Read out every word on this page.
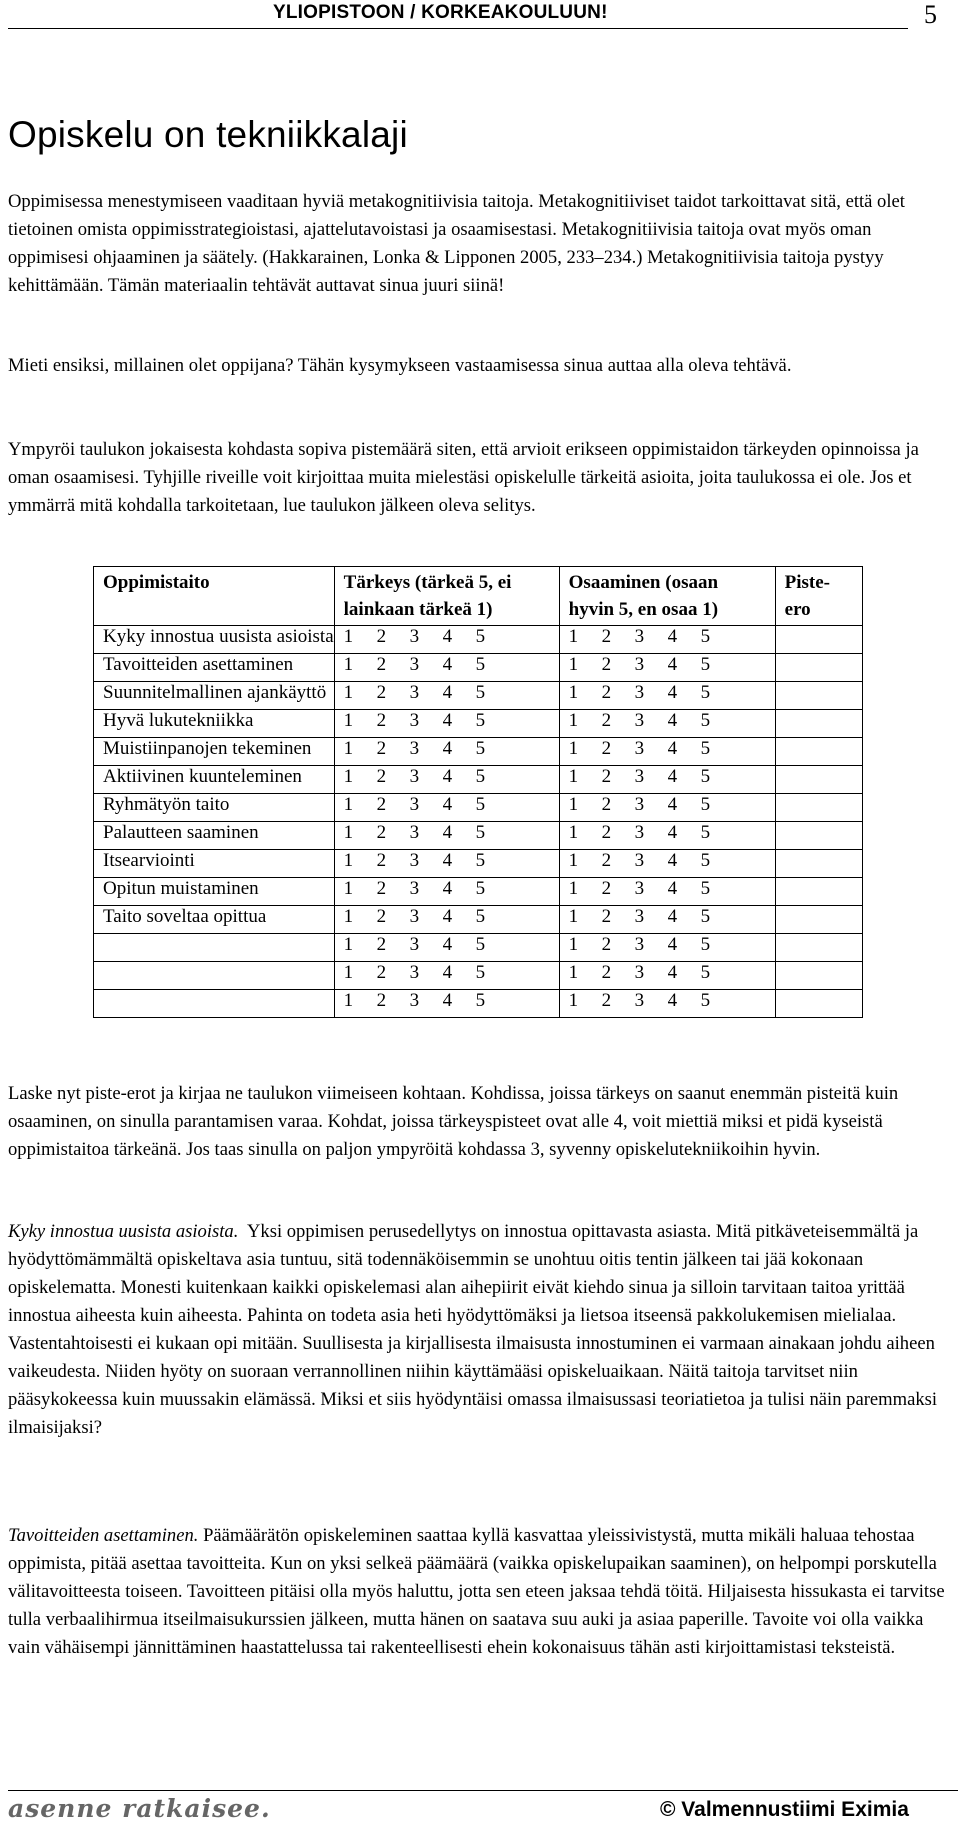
YLIOPISTOON / KORKEAKOULUUN!	5
Opiskelu on tekniikkalaji

Oppimisessa menestymiseen vaaditaan hyviä metakognitiivisia taitoja. Metakognitiiviset taidot tarkoittavat sitä, että olet tietoinen omista oppimisstrategioistasi, ajattelutavoistasi ja osaamisestasi. Metakognitiivisia taitoja ovat myös oman oppimisesi ohjaaminen ja säätely. (Hakkarainen, Lonka & Lipponen 2005, 233–234.) Metakognitiivisia taitoja pystyy kehittämään. Tämän materiaalin tehtävät auttavat sinua juuri siinä!

Mieti ensiksi, millainen olet oppijana? Tähän kysymykseen vastaamisessa sinua auttaa alla oleva tehtävä.

Ympyröi taulukon jokaisesta kohdasta sopiva pistemäärä siten, että arvioit erikseen oppimistaidon tärkeyden opinnoissa ja oman osaamisesi. Tyhjille riveille voit kirjoittaa muita mielestäsi opiskelulle tärkeitä asioita, joita taulukossa ei ole. Jos et ymmärrä mitä kohdalla tarkoitetaan, lue taulukon jälkeen oleva selitys.

Oppimistaito	Tärkeys (tärkeä 5, ei lainkaan tärkeä 1)	Osaaminen (osaan hyvin 5, en osaa 1)	Piste-ero

Kyky innostua uusista asioista	1 2 3 4 5	1 2 3 4 5	

Tavoitteiden asettaminen	1 2 3 4 5	1 2 3 4 5	

Suunnitelmallinen ajankäyttö	1 2 3 4 5	1 2 3 4 5	

Hyvä lukutekniikka	1 2 3 4 5	1 2 3 4 5	

Muistiinpanojen tekeminen	1 2 3 4 5	1 2 3 4 5	

Aktiivinen kuunteleminen	1 2 3 4 5	1 2 3 4 5	

Ryhmätyön taito	1 2 3 4 5	1 2 3 4 5	

Palautteen saaminen	1 2 3 4 5	1 2 3 4 5	

Itsearviointi	1 2 3 4 5	1 2 3 4 5	

Opitun muistaminen	1 2 3 4 5	1 2 3 4 5	

Taito soveltaa opittua	1 2 3 4 5	1 2 3 4 5	

	1 2 3 4 5	1 2 3 4 5	

	1 2 3 4 5	1 2 3 4 5	

	1 2 3 4 5	1 2 3 4 5	

Laske nyt piste-erot ja kirjaa ne taulukon viimeiseen kohtaan. Kohdissa, joissa tärkeys on saanut enemmän pisteitä kuin osaaminen, on sinulla parantamisen varaa. Kohdat, joissa tärkeyspisteet ovat alle 4, voit miettiä miksi et pidä kyseistä oppimistaitoa tärkeänä. Jos taas sinulla on paljon ympyröitä kohdassa 3, syvenny opiskelutekniikoihin hyvin.

Kyky innostua uusista asioista. Yksi oppimisen perusedellytys on innostua opittavasta asiasta. Mitä pitkäveteisemmältä ja hyödyttömämmältä opiskeltava asia tuntuu, sitä todennäköisemmin se unohtuu oitis tentin jälkeen tai jää kokonaan opiskelematta. Monesti kuitenkaan kaikki opiskelemasi alan aihepiirit eivät kiehdo sinua ja silloin tarvitaan taitoa yrittää innostua aiheesta kuin aiheesta. Pahinta on todeta asia heti hyödyttömäksi ja lietsoa itseensä pakkolukemisen mielialaa. Vastentahtoisesti ei kukaan opi mitään. Suullisesta ja kirjallisesta ilmaisusta innostuminen ei varmaan ainakaan johdu aiheen vaikeudesta. Niiden hyöty on suoraan verrannollinen niihin käyttämääsi opiskeluaikaan. Näitä taitoja tarvitset niin pääsykokeessa kuin muussakin elämässä. Miksi et siis hyödyntäisi omassa ilmaisussasi teoriatietoa ja tulisi näin paremmaksi ilmaisijaksi?

Tavoitteiden asettaminen. Päämäärätön opiskeleminen saattaa kyllä kasvattaa yleissivistystä, mutta mikäli haluaa tehostaa oppimista, pitää asettaa tavoitteita. Kun on yksi selkeä päämäärä (vaikka opiskelupaikan saaminen), on helpompi porskutella välitavoitteesta toiseen. Tavoitteen pitäisi olla myös haluttu, jotta sen eteen jaksaa tehdä töitä. Hiljaisesta hissukasta ei tarvitse tulla verbaalihirmua itseilmaisukurssien jälkeen, mutta hänen on saatava suu auki ja asiaa paperille. Tavoite voi olla vaikka vain vähäisempi jännittäminen haastattelussa tai rakenteellisesti ehein kokonaisuus tähän asti kirjoittamistasi teksteistä.

asenne ratkaisee.	© Valmennustiimi Eximia
